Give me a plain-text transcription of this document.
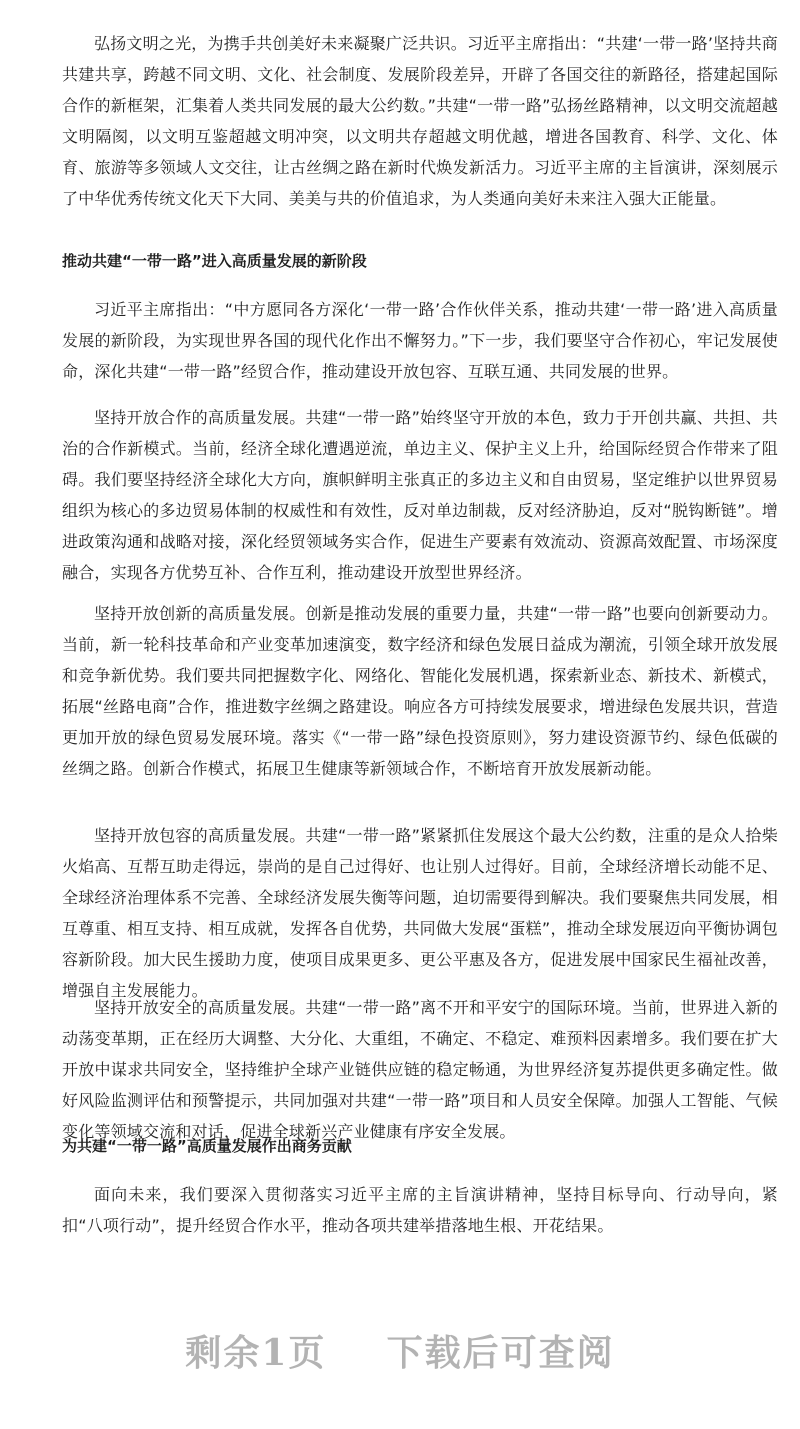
弘扬文明之光，为携手共创美好未来凝聚广泛共识。习近平主席指出：“共建‘一带一路’坚持共商共建共享，跨越不同文明、文化、社会制度、发展阶段差异，开辟了各国交往的新路径，搭建起国际合作的新框架，汇集着人类共同发展的最大公约数。”共建“一带一路”弘扬丝路精神，以文明交流超越文明隔阂，以文明互鉴超越文明冲突，以文明共存超越文明优越，增进各国教育、科学、文化、体育、旅游等多领域人文交往，让古丝绸之路在新时代焕发新活力。习近平主席的主旨演讲，深刻展示了中华优秀传统文化天下大同、美美与共的价值追求，为人类通向美好未来注入强大正能量。

推动共建“一带一路”进入高质量发展的新阶段

习近平主席指出：“中方愿同各方深化‘一带一路’合作伙伴关系，推动共建‘一带一路’进入高质量发展的新阶段，为实现世界各国的现代化作出不懈努力。”下一步，我们要坚守合作初心，牢记发展使命，深化共建“一带一路”经贸合作，推动建设开放包容、互联互通、共同发展的世界。

坚持开放合作的高质量发展。共建“一带一路”始终坚守开放的本色，致力于开创共赢、共担、共治的合作新模式。当前，经济全球化遭遇逆流，单边主义、保护主义上升，给国际经贸合作带来了阻碍。我们要坚持经济全球化大方向，旗帜鲜明主张真正的多边主义和自由贸易，坚定维护以世界贸易组织为核心的多边贸易体制的权威性和有效性，反对单边制裁，反对经济胁迫，反对“脱钩断链”。增进政策沟通和战略对接，深化经贸领域务实合作，促进生产要素有效流动、资源高效配置、市场深度融合，实现各方优势互补、合作互利，推动建设开放型世界经济。

坚持开放创新的高质量发展。创新是推动发展的重要力量，共建“一带一路”也要向创新要动力。当前，新一轮科技革命和产业变革加速演变，数字经济和绿色发展日益成为潮流，引领全球开放发展和竞争新优势。我们要共同把握数字化、网络化、智能化发展机遇，探索新业态、新技术、新模式，拓展“丝路电商”合作，推进数字丝绸之路建设。响应各方可持续发展要求，增进绿色发展共识，营造更加开放的绿色贸易发展环境。落实《“一带一路”绿色投资原则》，努力建设资源节约、绿色低碳的丝绸之路。创新合作模式，拓展卫生健康等新领域合作，不断培育开放发展新动能。

坚持开放包容的高质量发展。共建“一带一路”紧紧抓住发展这个最大公约数，注重的是众人拾柴火焰高、互帮互助走得远，崇尚的是自己过得好、也让别人过得好。目前，全球经济增长动能不足、全球经济治理体系不完善、全球经济发展失衡等问题，迫切需要得到解决。我们要聚焦共同发展，相互尊重、相互支持、相互成就，发挥各自优势，共同做大发展“蛋糕”，推动全球发展迈向平衡协调包容新阶段。加大民生援助力度，使项目成果更多、更公平惠及各方，促进发展中国家民生福祉改善，增强自主发展能力。

坚持开放安全的高质量发展。共建“一带一路”离不开和平安宁的国际环境。当前，世界进入新的动荡变革期，正在经历大调整、大分化、大重组，不确定、不稳定、难预料因素增多。我们要在扩大开放中谋求共同安全，坚持维护全球产业链供应链的稳定畅通，为世界经济复苏提供更多确定性。做好风险监测评估和预警提示，共同加强对共建“一带一路”项目和人员安全保障。加强人工智能、气候变化等领域交流和对话，促进全球新兴产业健康有序安全发展。

为共建“一带一路”高质量发展作出商务贡献

面向未来，我们要深入贯彻落实习近平主席的主旨演讲精神，坚持目标导向、行动导向，紧扣“八项行动”，提升经贸合作水平，推动各项共建举措落地生根、开花结果。

剩余1页 下载后可查阅
